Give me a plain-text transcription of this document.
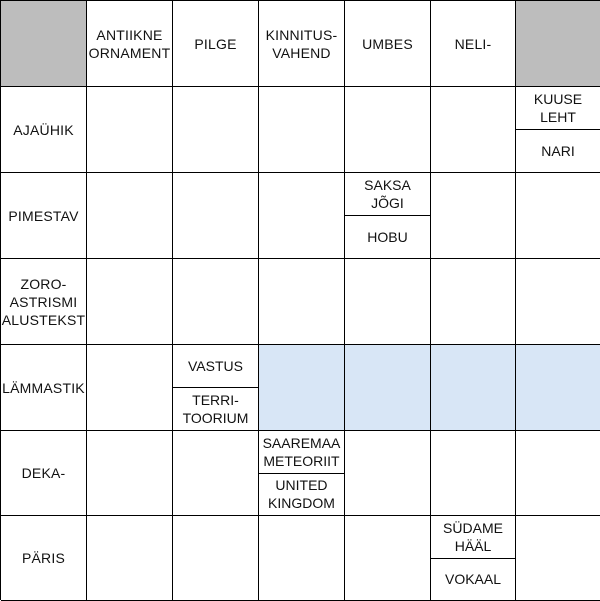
ANTIIKNE
ORNAMENT
PILGE
KINNITUS-
VAHEND
UMBES	NELI-
AJAÜHIK
KUUSE
LEHT
NARI
PIMESTAV
SAKSA
JÕGI
HOBU
ZORO-
ASTRISMI
ALUSTEKST
LÄMMASTIK
VASTUS
TERRI-
TOORIUM
DEKA-
SAAREMAA
METEORIIT
UNITED
KINGDOM
PÄRIS
SÜDAME
HÄÄL
VOKAAL
